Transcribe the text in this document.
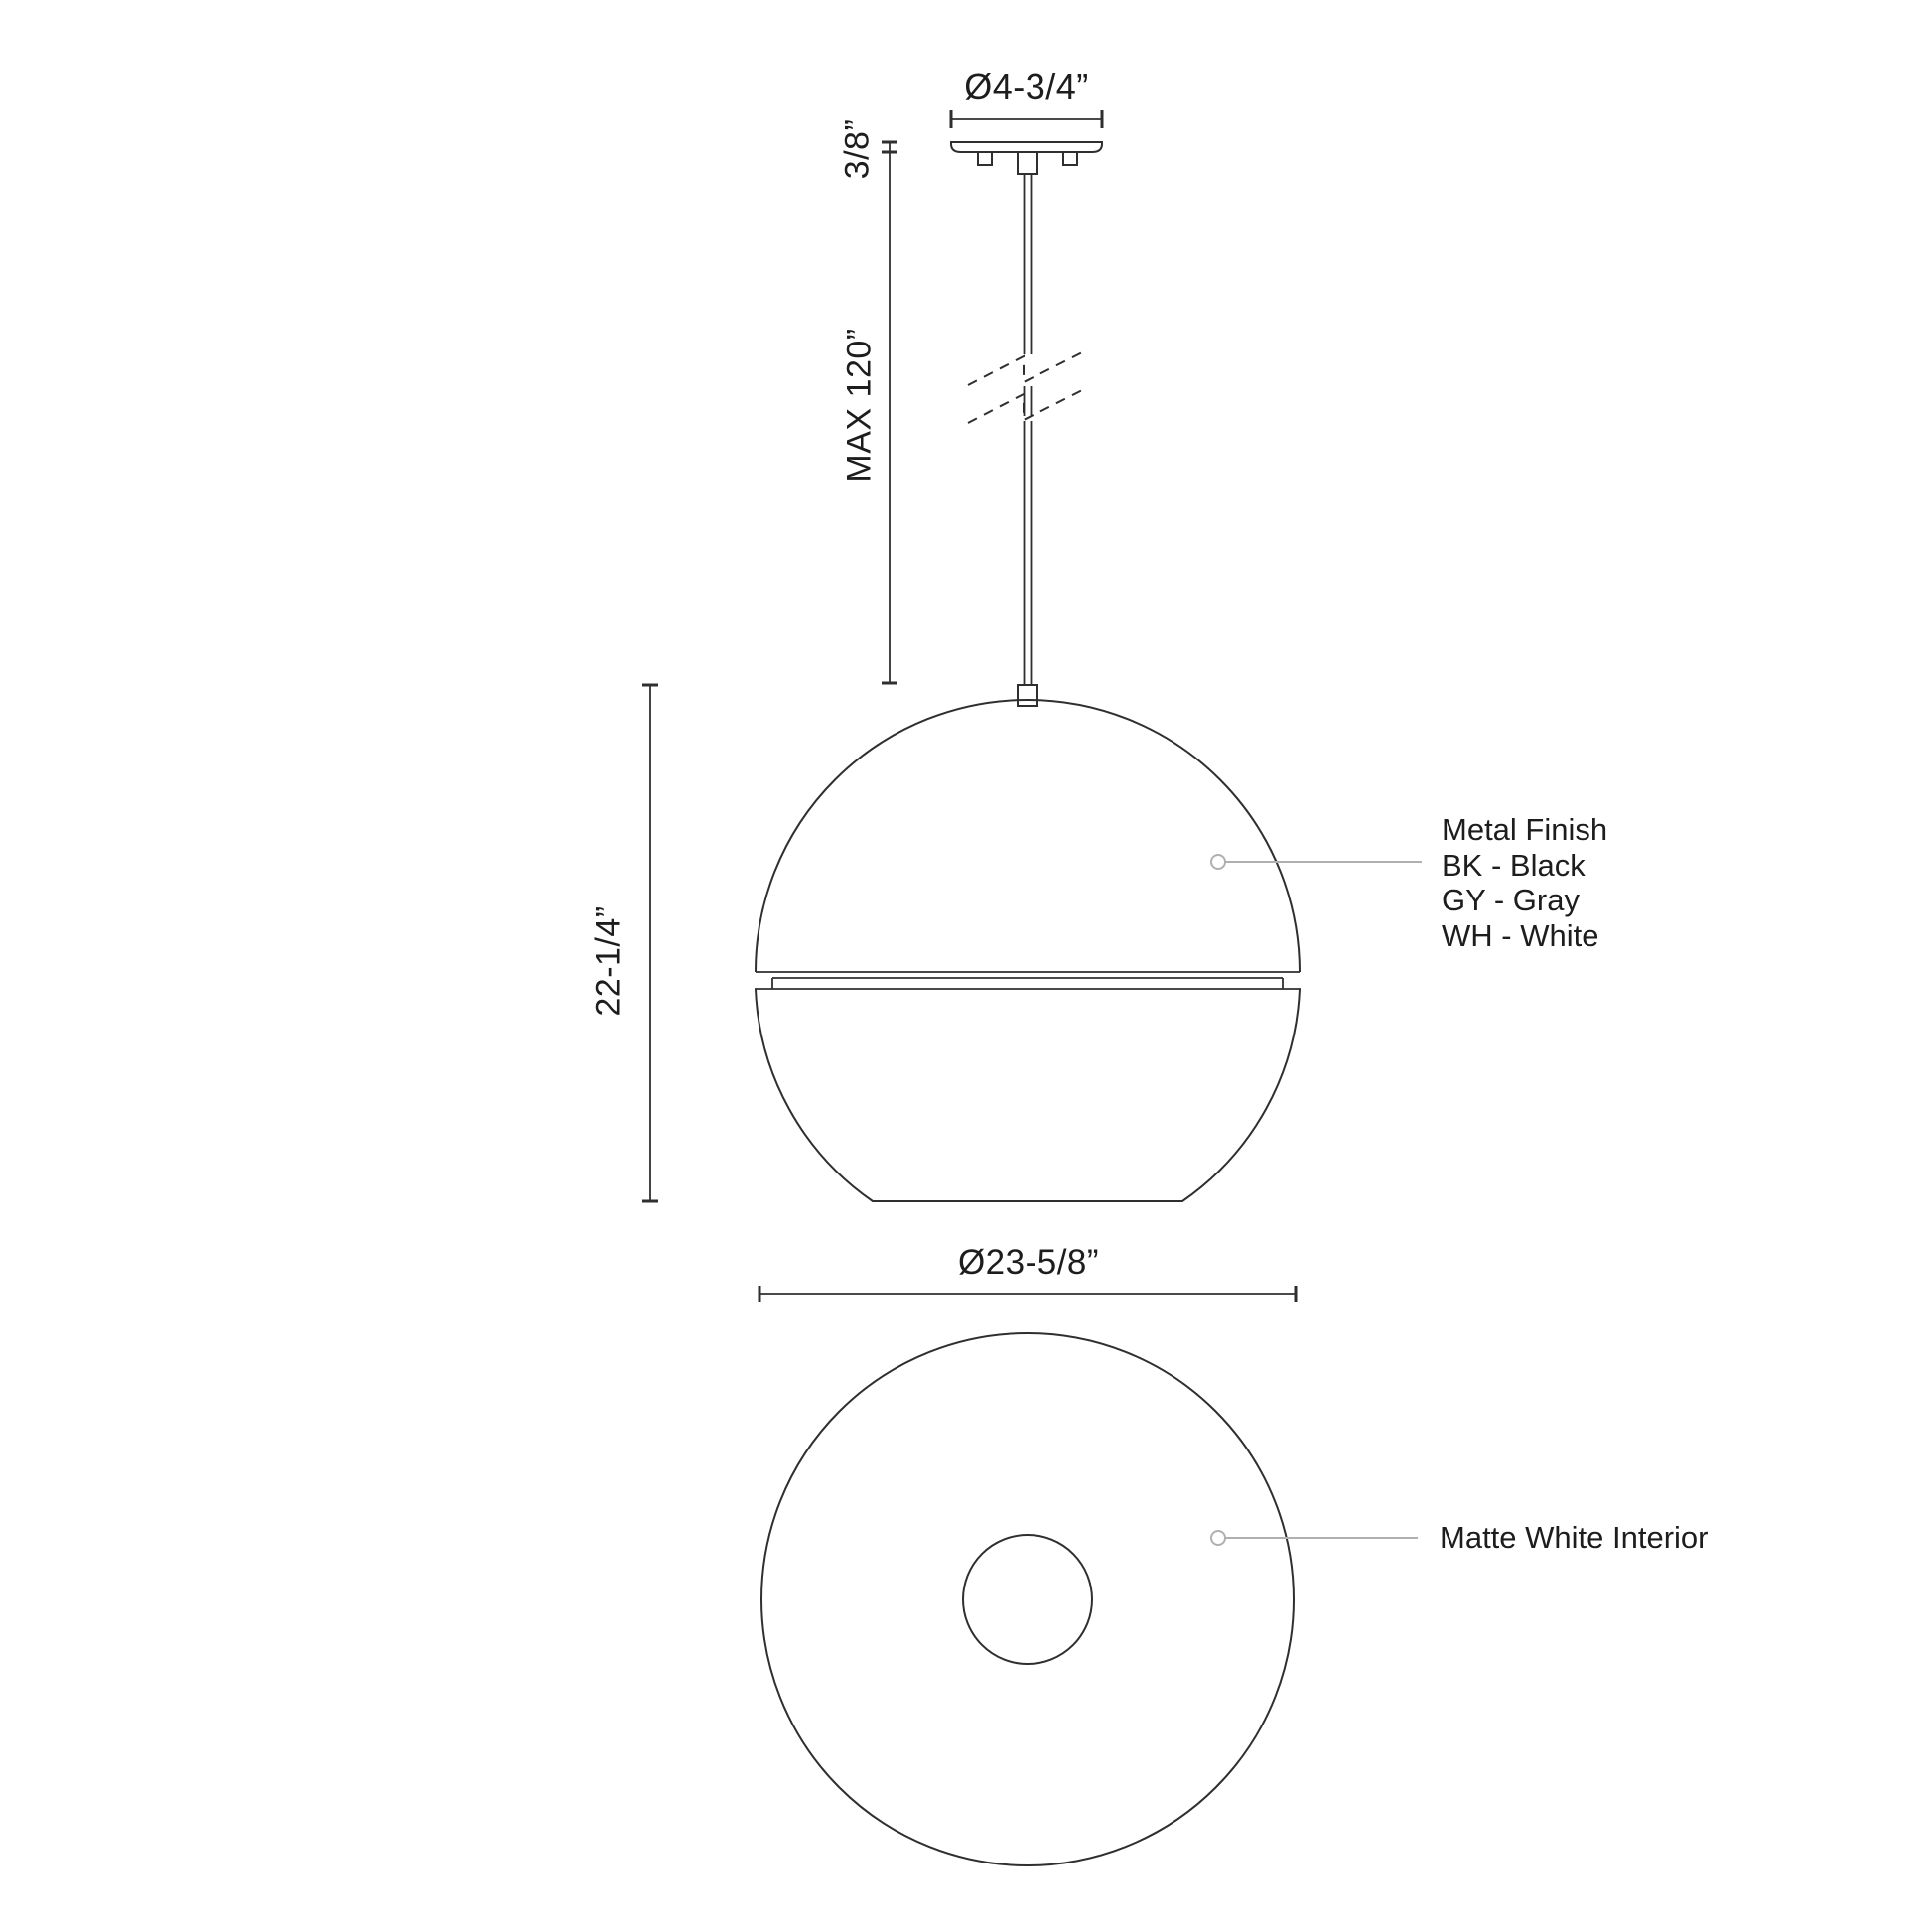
Ø4-3/4”
3/8”
MAX 120”
22-1/4”
Ø23-5/8”
Metal Finish
BK - Black
GY - Gray
WH - White
Matte White Interior
